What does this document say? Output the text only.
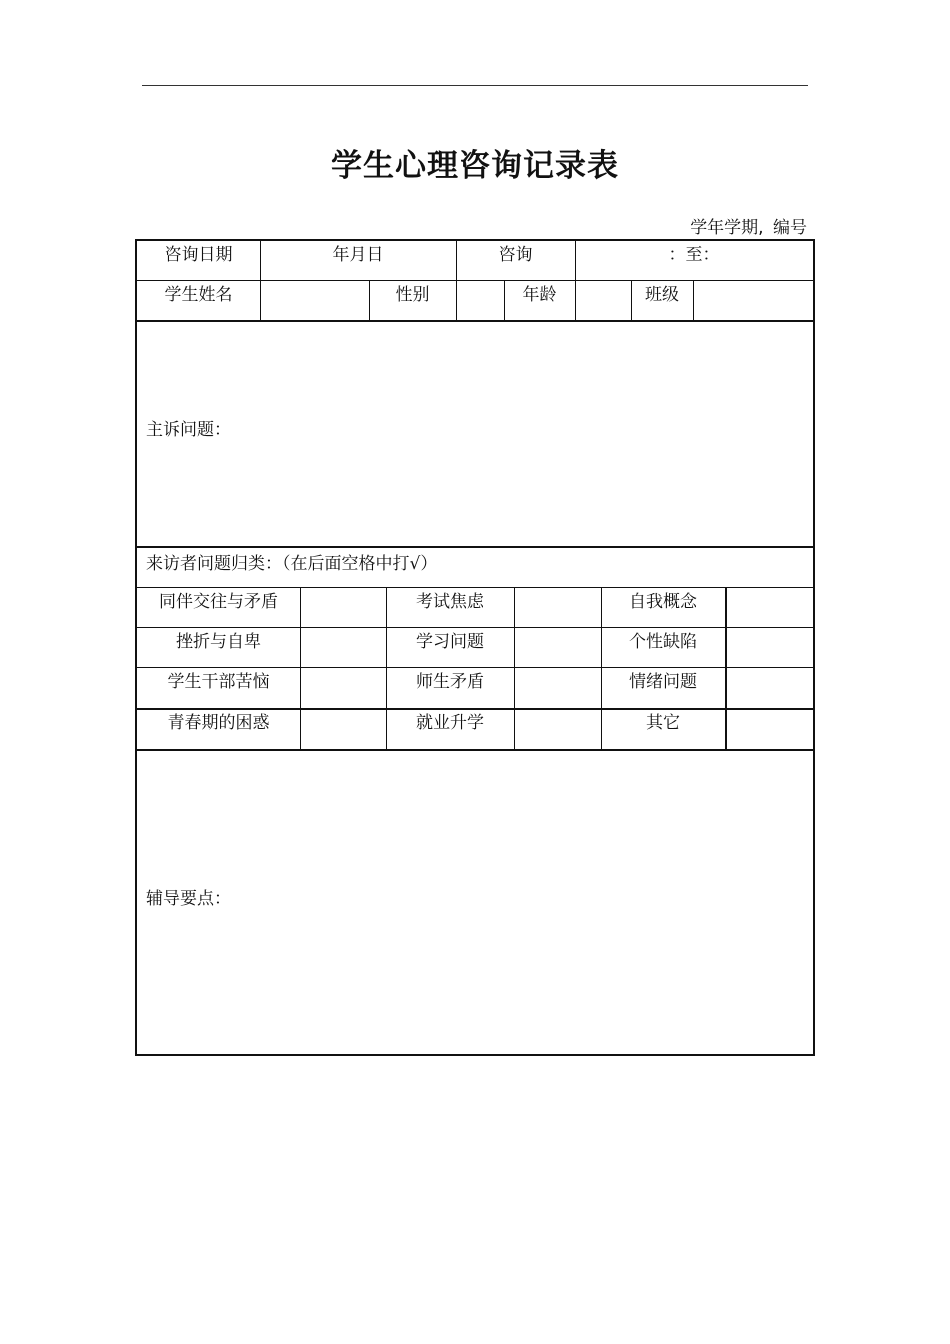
学生心理咨询记录表
学年学期, 编号
咨询日期	年月日	咨询	：至：
学生姓名	性别	年龄	班级
主诉问题：
来访者问题归类：（在后面空格中打√）
同伴交往与矛盾	考试焦虑	自我概念
挫折与自卑	学习问题	个性缺陷
学生干部苦恼	师生矛盾	情绪问题
青春期的困惑	就业升学	其它
辅导要点：
